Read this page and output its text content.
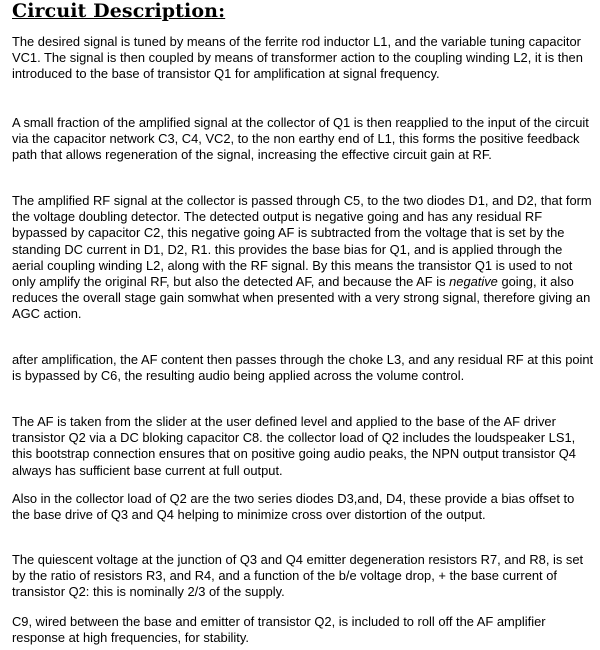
Circuit Description:

The desired signal is tuned by means of the ferrite rod inductor L1, and the variable tuning capacitor VC1. The signal is then coupled by means of transformer action to the coupling winding L2, it is then introduced to the base of transistor Q1 for amplification at signal frequency.

A small fraction of the amplified signal at the collector of Q1 is then reapplied to the input of the circuit via the capacitor network C3, C4, VC2, to the non earthy end of L1, this forms the positive feedback path that allows regeneration of the signal, increasing the effective circuit gain at RF.

The amplified RF signal at the collector is passed through C5, to the two diodes D1, and D2, that form the voltage doubling detector. The detected output is negative going and has any residual RF bypassed by capacitor C2, this negative going AF is subtracted from the voltage that is set by the standing DC current in D1, D2, R1. this provides the base bias for Q1, and is applied through the aerial coupling winding L2, along with the RF signal. By this means the transistor Q1 is used to not only amplify the original RF, but also the detected AF, and because the AF is negative going, it also reduces the overall stage gain somwhat when presented with a very strong signal, therefore giving an AGC action.

after amplification, the AF content then passes through the choke L3, and any residual RF at this point is bypassed by C6, the resulting audio being applied across the volume control.

The AF is taken from the slider at the user defined level and applied to the base of the AF driver transistor Q2 via a DC bloking capacitor C8. the collector load of Q2 includes the loudspeaker LS1, this bootstrap connection ensures that on positive going audio peaks, the NPN output transistor Q4 always has sufficient base current at full output.

Also in the collector load of Q2 are the two series diodes D3,and, D4, these provide a bias offset to the base drive of Q3 and Q4 helping to minimize cross over distortion of the output.

The quiescent voltage at the junction of Q3 and Q4 emitter degeneration resistors R7, and R8, is set by the ratio of resistors R3, and R4, and a function of the b/e voltage drop, + the base current of transistor Q2: this is nominally 2/3 of the supply.

C9, wired between the base and emitter of transistor Q2, is included to roll off the AF amplifier response at high frequencies, for stability.
